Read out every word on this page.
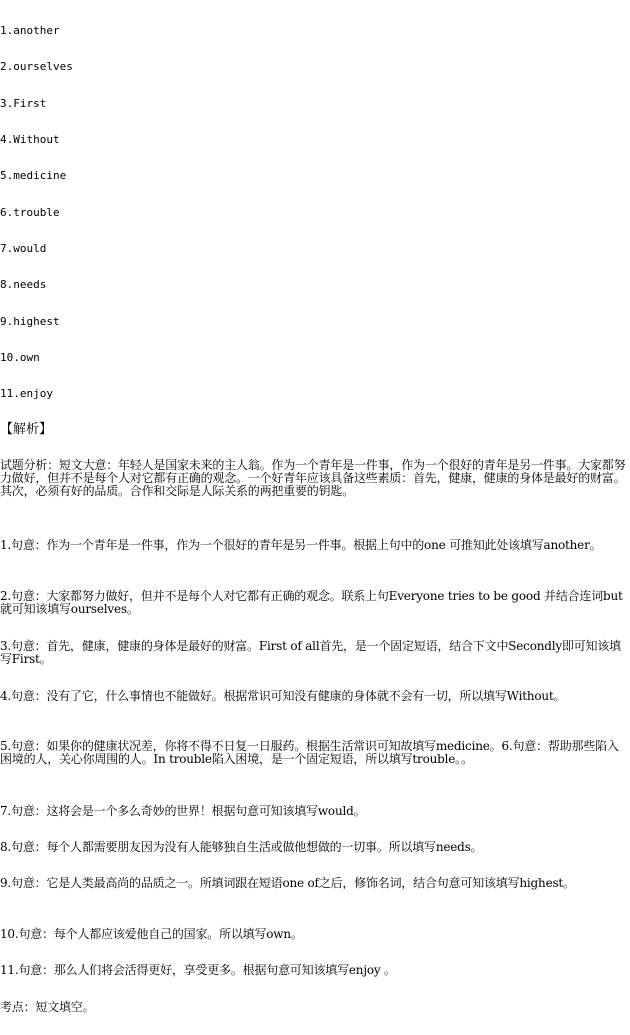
1.another
2.ourselves
3.First
4.Without
5.medicine
6.trouble
7.would
8.needs
9.highest
10.own
11.enjoy
【解析】
试题分析：短文大意：年轻人是国家未来的主人翁。作为一个青年是一件事，作为一个很好的青年是另一件事。大家都努力做好，但并不是每个人对它都有正确的观念。一个好青年应该具备这些素质：首先，健康，健康的身体是最好的财富。其次，必须有好的品质。合作和交际是人际关系的两把重要的钥匙。
1.句意：作为一个青年是一件事，作为一个很好的青年是另一件事。根据上句中的one 可推知此处该填写another。
2.句意：大家都努力做好，但并不是每个人对它都有正确的观念。联系上句Everyone tries to be good 并结合连词but就可知该填写ourselves。
3.句意：首先，健康，健康的身体是最好的财富。First of all首先，是一个固定短语，结合下文中Secondly即可知该填写First。
4.句意：没有了它，什么事情也不能做好。根据常识可知没有健康的身体就不会有一切，所以填写Without。
5.句意：如果你的健康状况差，你将不得不日复一日服药。根据生活常识可知故填写medicine。6.句意：帮助那些陷入困境的人，关心你周围的人。In trouble陷入困境，是一个固定短语，所以填写trouble。。
7.句意：这将会是一个多么奇妙的世界！根据句意可知该填写would。
8.句意：每个人都需要朋友因为没有人能够独自生活或做他想做的一切事。所以填写needs。
9.句意：它是人类最高尚的品质之一。所填词跟在短语one of之后，修饰名词，结合句意可知该填写highest。
10.句意：每个人都应该爱他自己的国家。所以填写own。
11.句意：那么人们将会活得更好，享受更多。根据句意可知该填写enjoy 。
考点：短文填空。
